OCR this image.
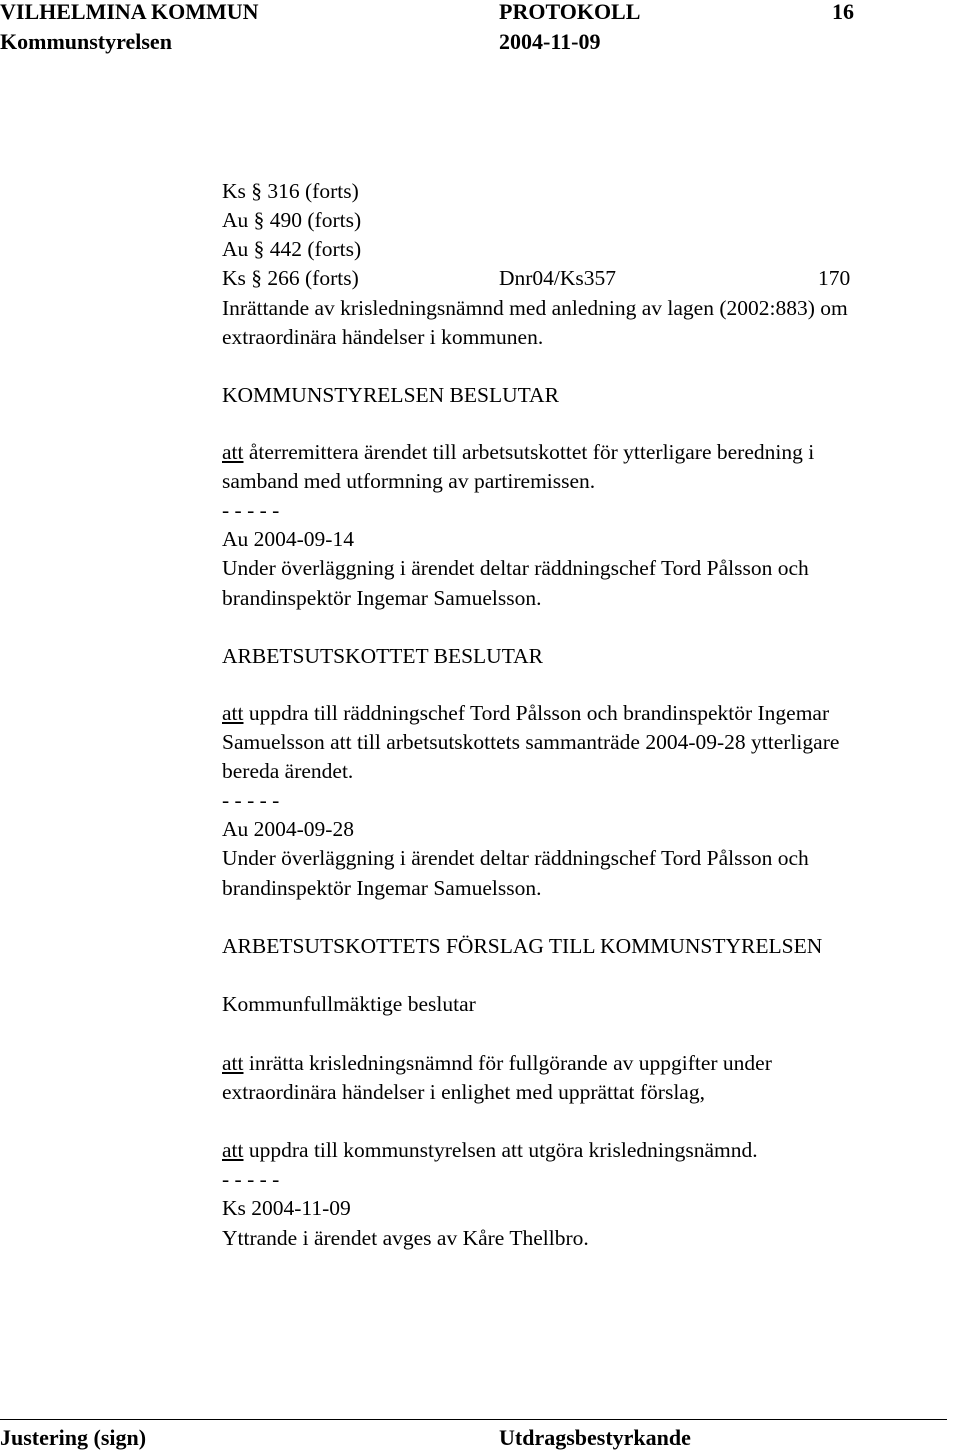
VILHELMINA KOMMUN	PROTOKOLL	16
Kommunstyrelsen	2004-11-09
Ks § 316 (forts)
Au § 490 (forts)
Au § 442 (forts)
Ks § 266 (forts)	Dnr04/Ks357	170
Inrättande av krisledningsnämnd med anledning av lagen (2002:883) om
extraordinära händelser i kommunen.
KOMMUNSTYRELSEN BESLUTAR
att återremittera ärendet till arbetsutskottet för ytterligare beredning i
samband med utformning av partiremissen.
- - - - -
Au 2004-09-14
Under överläggning i ärendet deltar räddningschef Tord Pålsson och
brandinspektör Ingemar Samuelsson.
ARBETSUTSKOTTET BESLUTAR
att uppdra till räddningschef Tord Pålsson och brandinspektör Ingemar
Samuelsson att till arbetsutskottets sammanträde 2004-09-28 ytterligare
bereda ärendet.
- - - - -
Au 2004-09-28
Under överläggning i ärendet deltar räddningschef Tord Pålsson och
brandinspektör Ingemar Samuelsson.
ARBETSUTSKOTTETS FÖRSLAG TILL KOMMUNSTYRELSEN
Kommunfullmäktige beslutar
att inrätta krisledningsnämnd för fullgörande av uppgifter under
extraordinära händelser i enlighet med upprättat förslag,
att uppdra till kommunstyrelsen att utgöra krisledningsnämnd.
- - - - -
Ks 2004-11-09
Yttrande i ärendet avges av Kåre Thellbro.
Justering (sign)	Utdragsbestyrkande
